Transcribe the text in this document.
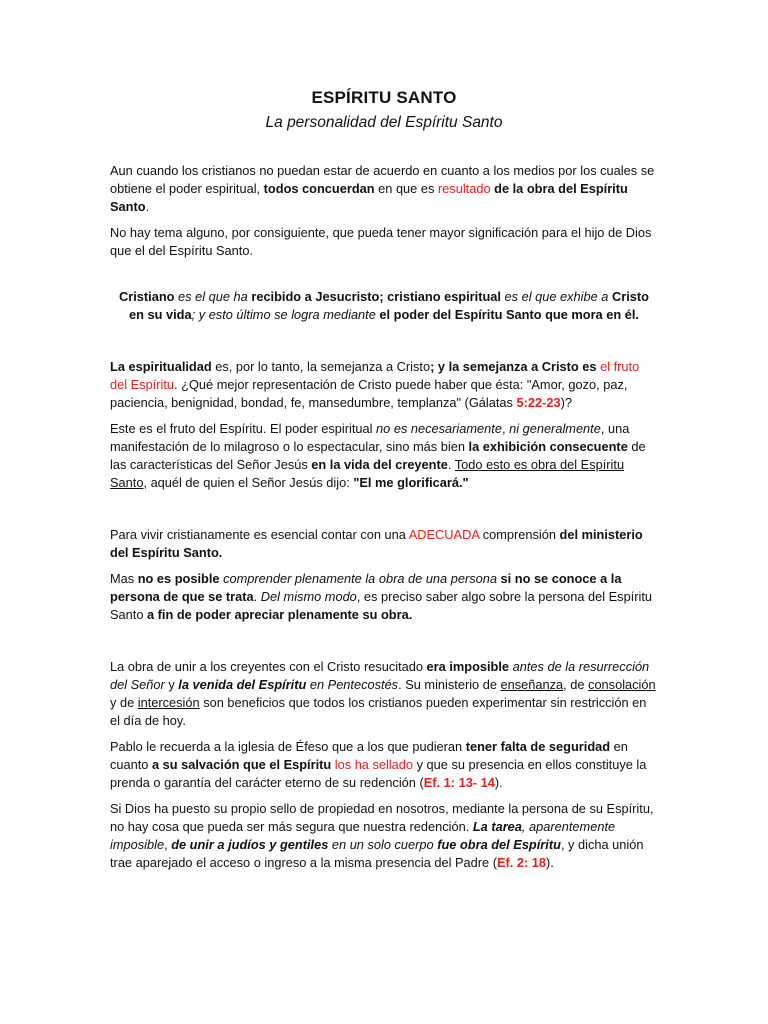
ESPÍRITU SANTO
La personalidad del Espíritu Santo

Aun cuando los cristianos no puedan estar de acuerdo en cuanto a los medios por los cuales se obtiene el poder espiritual, todos concuerdan en que es resultado de la obra del Espíritu Santo.

No hay tema alguno, por consiguiente, que pueda tener mayor significación para el hijo de Dios que el del Espíritu Santo.

Cristiano es el que ha recibido a Jesucristo; cristiano espiritual es el que exhibe a Cristo en su vida; y esto último se logra mediante el poder del Espíritu Santo que mora en él.

La espiritualidad es, por lo tanto, la semejanza a Cristo; y la semejanza a Cristo es el fruto del Espíritu. ¿Qué mejor representación de Cristo puede haber que ésta: "Amor, gozo, paz, paciencia, benignidad, bondad, fe, mansedumbre, templanza" (Gálatas 5:22-23)?

Este es el fruto del Espíritu. El poder espiritual no es necesariamente, ni generalmente, una manifestación de lo milagroso o lo espectacular, sino más bien la exhibición consecuente de las características del Señor Jesús en la vida del creyente. Todo esto es obra del Espíritu Santo, aquél de quien el Señor Jesús dijo: "El me glorificará."

Para vivir cristianamente es esencial contar con una ADECUADA comprensión del ministerio del Espíritu Santo.

Mas no es posible comprender plenamente la obra de una persona si no se conoce a la persona de que se trata. Del mismo modo, es preciso saber algo sobre la persona del Espíritu Santo a fin de poder apreciar plenamente su obra.

La obra de unir a los creyentes con el Cristo resucitado era imposible antes de la resurrección del Señor y la venida del Espíritu en Pentecostés. Su ministerio de enseñanza, de consolación y de intercesión son beneficios que todos los cristianos pueden experimentar sin restricción en el día de hoy.

Pablo le recuerda a la iglesia de Éfeso que a los que pudieran tener falta de seguridad en cuanto a su salvación que el Espíritu los ha sellado y que su presencia en ellos constituye la prenda o garantía del carácter eterno de su redención (Ef. 1: 13- 14).

Si Dios ha puesto su propio sello de propiedad en nosotros, mediante la persona de su Espíritu, no hay cosa que pueda ser más segura que nuestra redención. La tarea, aparentemente imposible, de unir a judíos y gentiles en un solo cuerpo fue obra del Espíritu, y dicha unión trae aparejado el acceso o ingreso a la misma presencia del Padre (Ef. 2: 18).
